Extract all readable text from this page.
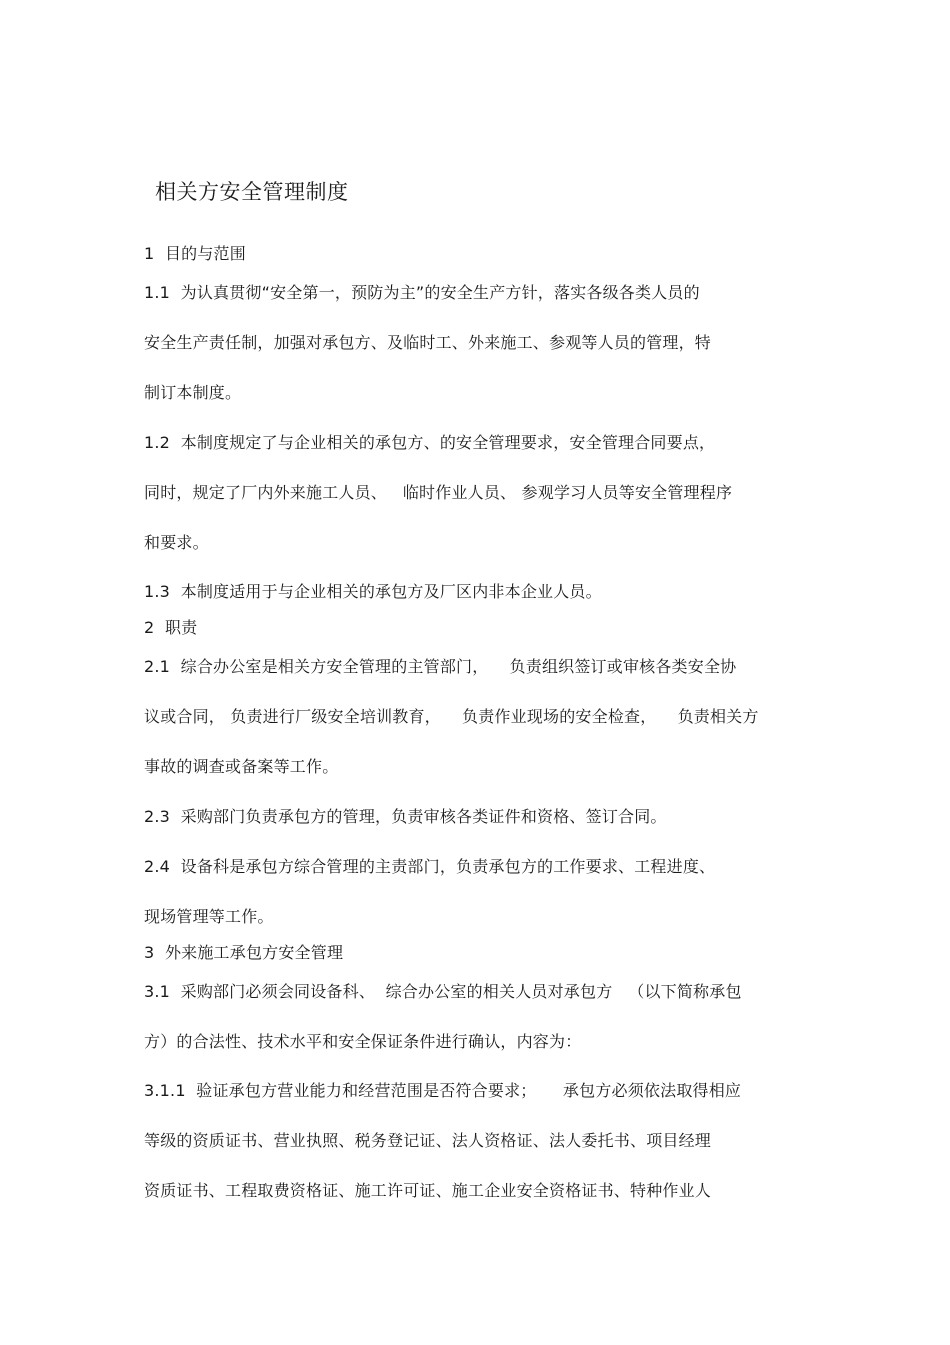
相关方安全管理制度
1  目的与范围
1.1  为认真贯彻“安全第一，预防为主”的安全生产方针，落实各级各类人员的
安全生产责任制，加强对承包方、及临时工、外来施工、参观等人员的管理，特
制订本制度。
1.2  本制度规定了与企业相关的承包方、的安全管理要求，安全管理合同要点，
同时，规定了厂内外来施工人员、   临时作业人员、 参观学习人员等安全管理程序
和要求。
1.3  本制度适用于与企业相关的承包方及厂区内非本企业人员。
2  职责
2.1  综合办公室是相关方安全管理的主管部门，    负责组织签订或审核各类安全协
议或合同， 负责进行厂级安全培训教育，    负责作业现场的安全检查，    负责相关方
事故的调查或备案等工作。
2.3  采购部门负责承包方的管理，负责审核各类证件和资格、签订合同。
2.4  设备科是承包方综合管理的主责部门，负责承包方的工作要求、工程进度、
现场管理等工作。
3  外来施工承包方安全管理
3.1  采购部门必须会同设备科、  综合办公室的相关人员对承包方   （以下简称承包
方）的合法性、技术水平和安全保证条件进行确认，内容为：
3.1.1  验证承包方营业能力和经营范围是否符合要求；     承包方必须依法取得相应
等级的资质证书、营业执照、税务登记证、法人资格证、法人委托书、项目经理
资质证书、工程取费资格证、施工许可证、施工企业安全资格证书、特种作业人
